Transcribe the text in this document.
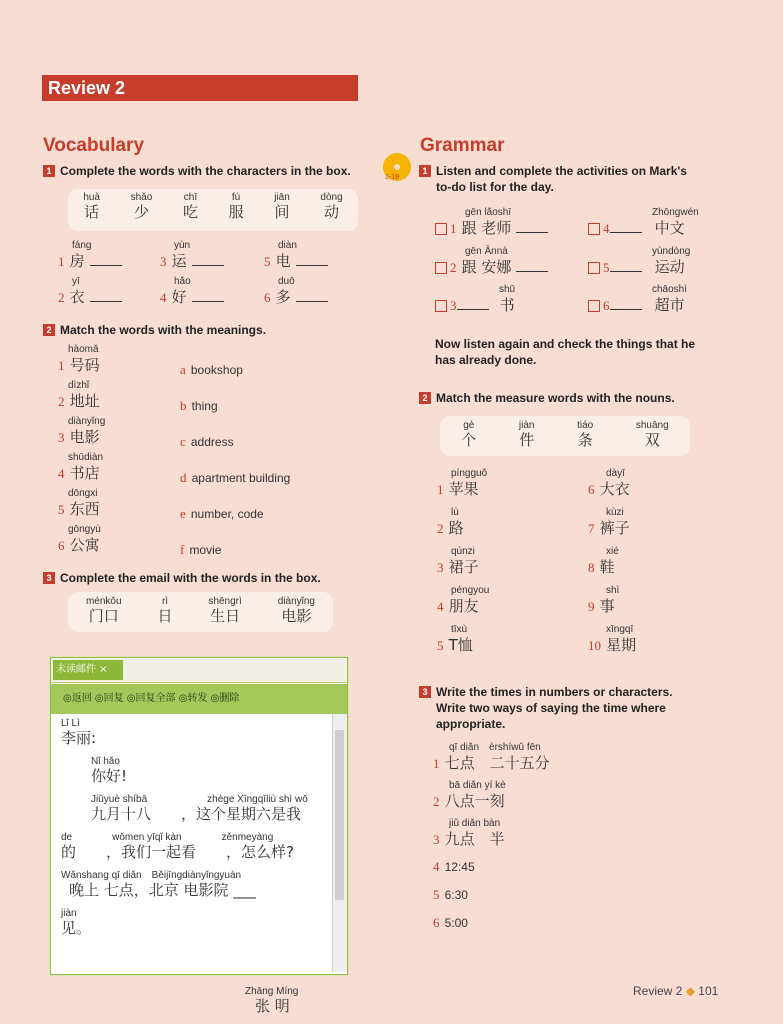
Review 2
Vocabulary
1 Complete the words with the characters in the box.
huà
话
shǎo
少
chī
吃
fú
服
jiān
间
dòng
动
fáng
1 房
yùn
3 运
diàn
5 电
yī
2 衣
hǎo
4 好
duō
6 多
2 Match the words with the meanings.
hàomǎ
1 号码
dìzhǐ
2 地址
diànyǐng
3 电影
shūdiàn
4 书店
dōngxi
5 东西
gōngyù
6 公寓
a bookshop
b thing
c address
d apartment building
e number, code
f movie
3 Complete the email with the words in the box.
ménkǒu
门口
rì
日
shēngrì
生日
diànyǐng
电影
未读邮件 ×
◎返回 ◎回复 ◎回复全部 ◎转发 ◎删除
Lǐ Lì
李丽:
Nǐ hǎo
你好!
Jiǔyuè shíbā　　　　　　zhège Xīngqīliù shì wǒ
九月十八　　，这个星期六是我
de　　　　wǒmen yīqǐ kàn　　　　zěnmeyàng
的　　，我们一起看　　，怎么样?
Wǎnshang qī diǎn　Běijīngdiànyǐngyuàn
晚上 七点，北京 电影院 ___
jiàn
见。
Zhāng Míng
张 明
Grammar
2-19
1 Listen and complete the activities on Mark's
to-do list for the day.
gēn lǎoshī
1 跟 老师
Zhōngwén
4	中文
gēn Ānnà
2 跟 安娜
yùndòng
5	运动
shū
3	书
chāoshì
6	超市
Now listen again and check the things that he
has already done.
2 Match the measure words with the nouns.
gè
个
jiàn
件
tiáo
条
shuāng
双
píngguǒ
1 苹果
lù
2 路
qúnzi
3 裙子
péngyou
4 朋友
tīxù
5 T恤
dàyī
6 大衣
kùzi
7 裤子
xié
8 鞋
shì
9 事
xīngqī
10 星期
3 Write the times in numbers or characters.
Write two ways of saying the time where
appropriate.
qī diǎn　èrshíwǔ fēn
1 七点　二十五分
bā diǎn yí kè
2 八点一刻
jiǔ diǎn bàn
3 九点　半
4 12:45
5 6:30
6 5:00
Review 2 ◆ 101
